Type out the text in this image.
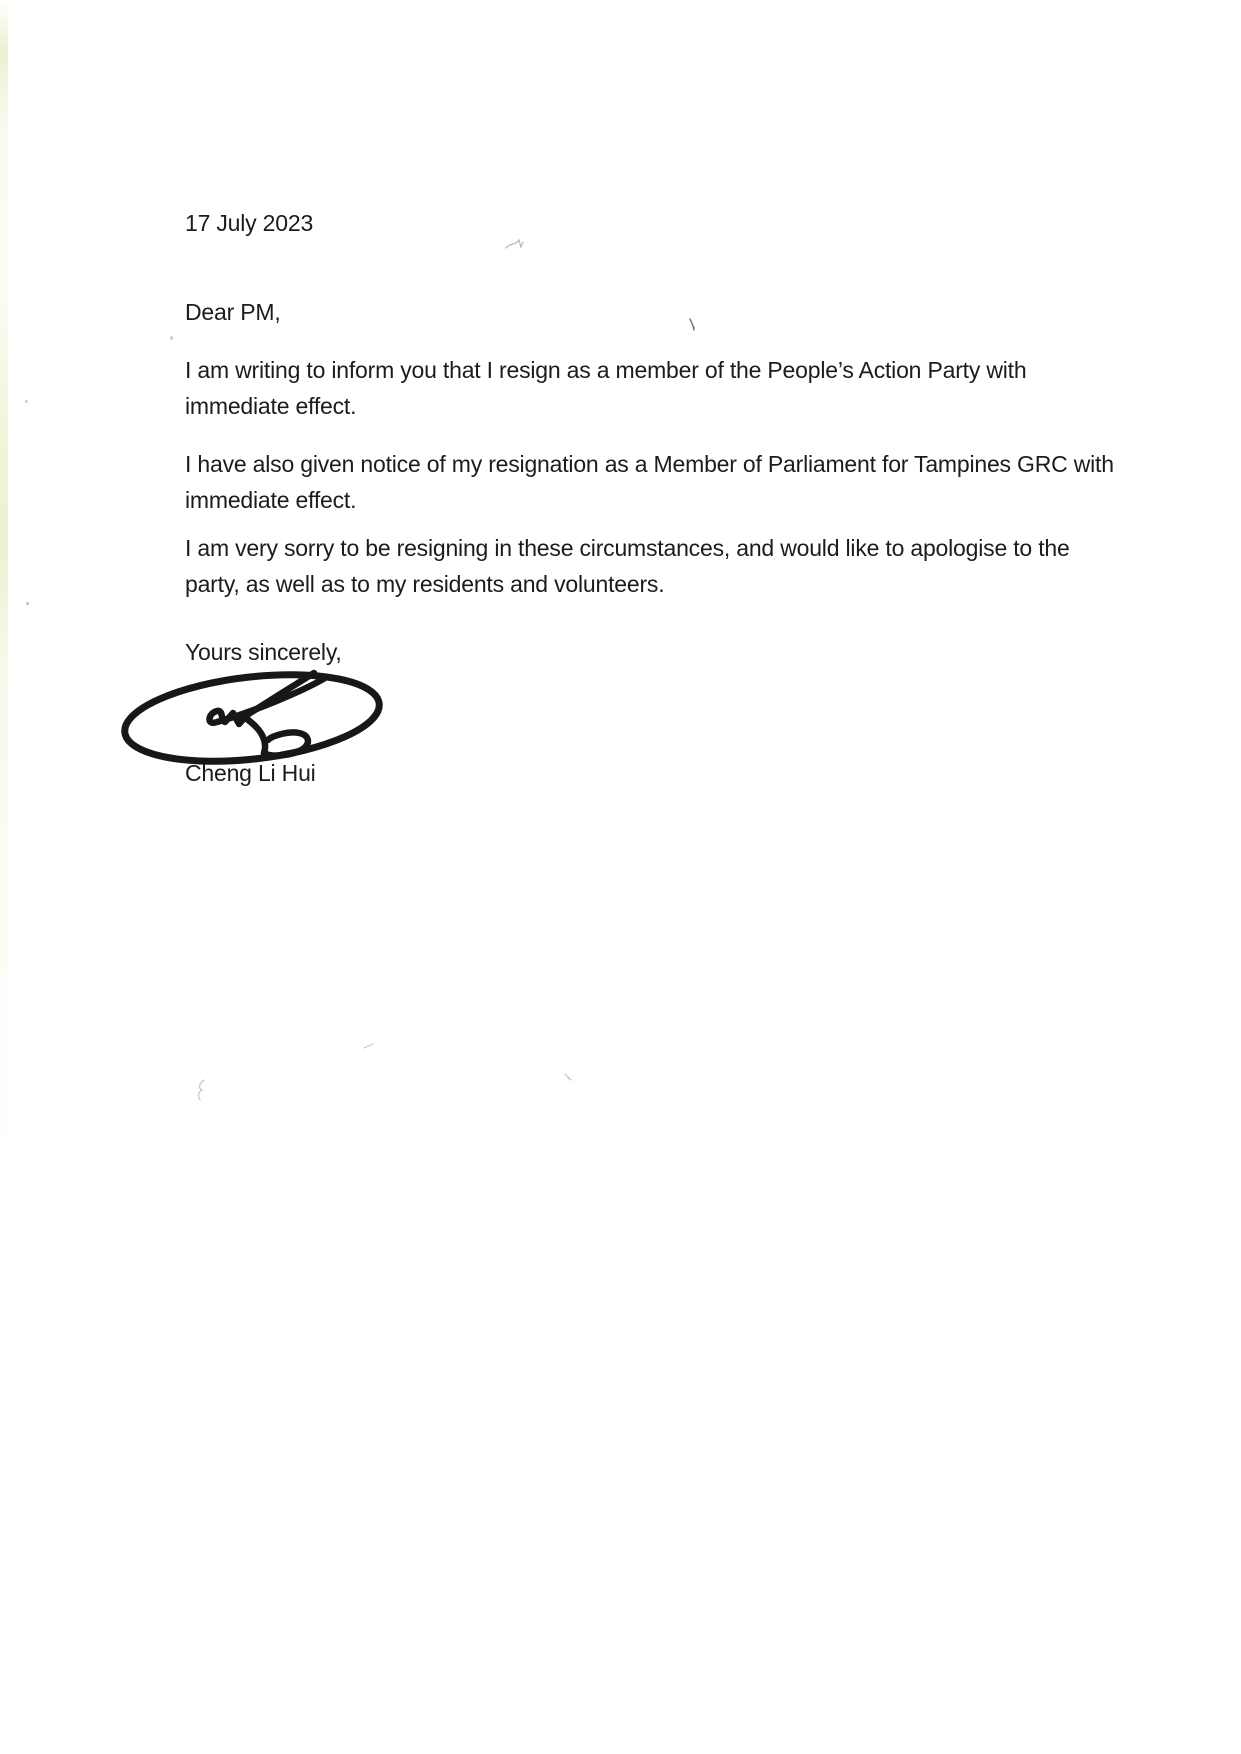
17 July 2023
Dear PM,
I am writing to inform you that I resign as a member of the People’s Action Party with
immediate effect.
I have also given notice of my resignation as a Member of Parliament for Tampines GRC with
immediate effect.
I am very sorry to be resigning in these circumstances, and would like to apologise to the
party, as well as to my residents and volunteers.
Yours sincerely,
Cheng Li Hui
